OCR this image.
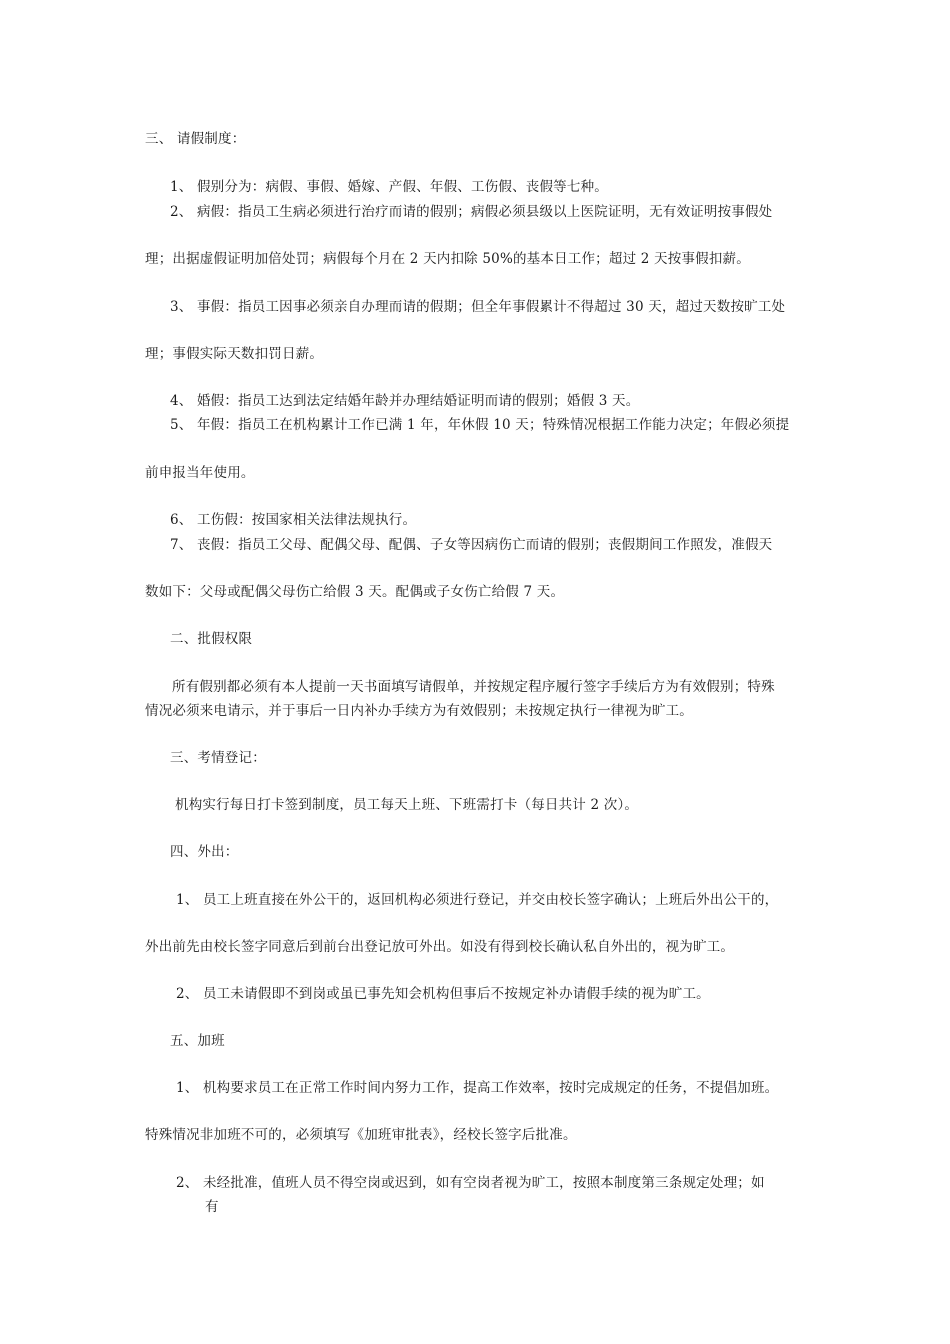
三、 请假制度：
1、 假别分为：病假、事假、婚嫁、产假、年假、工伤假、丧假等七种。
2、 病假：指员工生病必须进行治疗而请的假别；病假必须县级以上医院证明，无有效证明按事假处
理；出据虚假证明加倍处罚；病假每个月在 2 天内扣除 50%的基本日工作；超过 2 天按事假扣薪。
3、 事假：指员工因事必须亲自办理而请的假期；但全年事假累计不得超过 30 天，超过天数按旷工处
理；事假实际天数扣罚日薪。
4、 婚假：指员工达到法定结婚年龄并办理结婚证明而请的假别；婚假 3 天。
5、 年假：指员工在机构累计工作已满 1 年，年休假 10 天；特殊情况根据工作能力决定；年假必须提
前申报当年使用。
6、 工伤假：按国家相关法律法规执行。
7、 丧假：指员工父母、配偶父母、配偶、子女等因病伤亡而请的假别；丧假期间工作照发，准假天
数如下：父母或配偶父母伤亡给假 3 天。配偶或子女伤亡给假 7 天。
二、批假权限
所有假别都必须有本人提前一天书面填写请假单，并按规定程序履行签字手续后方为有效假别；特殊
情况必须来电请示，并于事后一日内补办手续方为有效假别；未按规定执行一律视为旷工。
三、考情登记：
机构实行每日打卡签到制度，员工每天上班、下班需打卡（每日共计 2 次）。
四、外出：
1、 员工上班直接在外公干的，返回机构必须进行登记，并交由校长签字确认；上班后外出公干的，
外出前先由校长签字同意后到前台出登记放可外出。如没有得到校长确认私自外出的，视为旷工。
2、 员工未请假即不到岗或虽已事先知会机构但事后不按规定补办请假手续的视为旷工。
五、加班
1、 机构要求员工在正常工作时间内努力工作，提高工作效率，按时完成规定的任务，不提倡加班。
特殊情况非加班不可的，必须填写《加班审批表》，经校长签字后批准。
2、 未经批准，值班人员不得空岗或迟到，如有空岗者视为旷工，按照本制度第三条规定处理；如
有
